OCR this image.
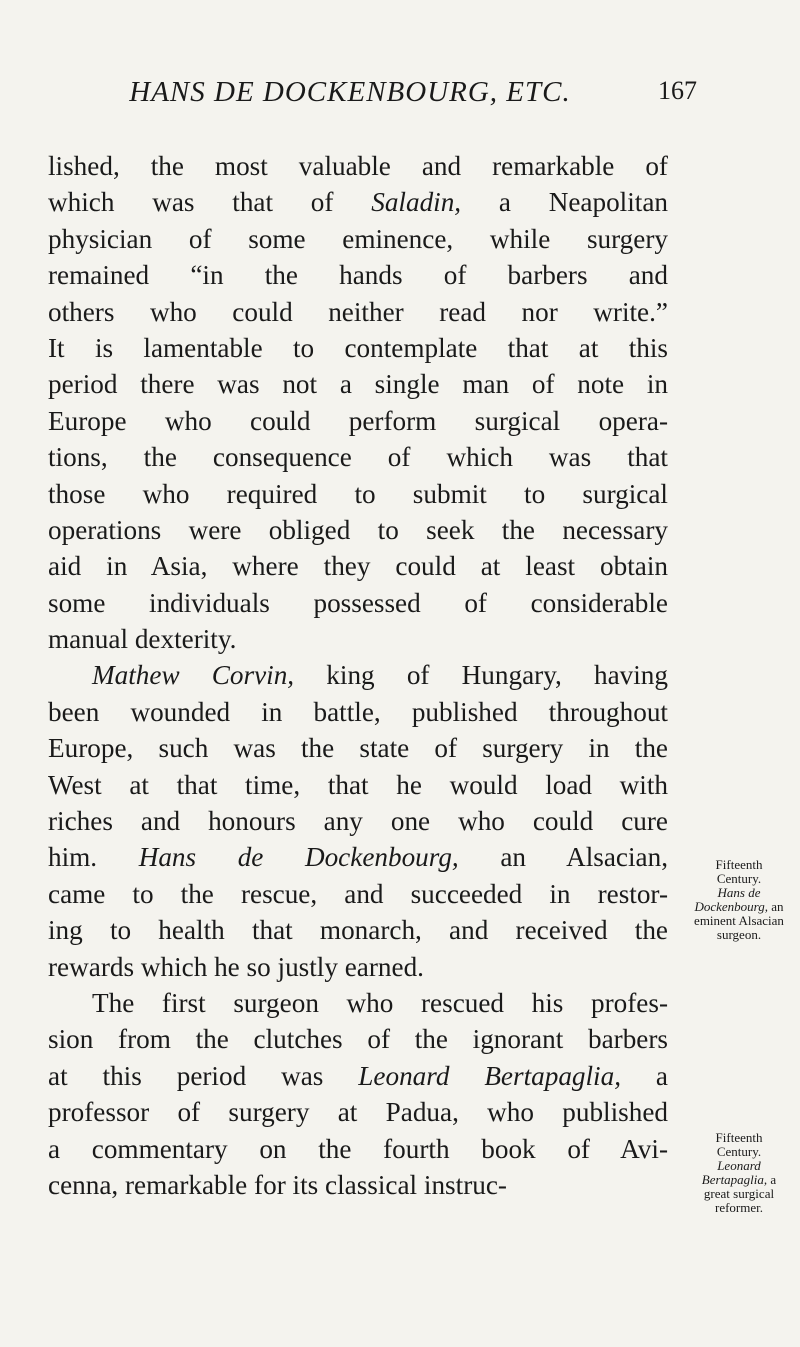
HANS DE DOCKENBOURG, ETC.	167
lished, the most valuable and remarkable of
which was that of Saladin, a Neapolitan
physician of some eminence, while surgery
remained “in the hands of barbers and
others who could neither read nor write.”
It is lamentable to contemplate that at this
period there was not a single man of note in
Europe who could perform surgical opera-
tions, the consequence of which was that
those who required to submit to surgical
operations were obliged to seek the necessary
aid in Asia, where they could at least obtain
some individuals possessed of considerable
manual dexterity.
Mathew Corvin, king of Hungary, having
been wounded in battle, published throughout
Europe, such was the state of surgery in the
West at that time, that he would load with
riches and honours any one who could cure
him. Hans de Dockenbourg, an Alsacian,
came to the rescue, and succeeded in restor-
ing to health that monarch, and received the
rewards which he so justly earned.
The first surgeon who rescued his profes-
sion from the clutches of the ignorant barbers
at this period was Leonard Bertapaglia, a
professor of surgery at Padua, who published
a commentary on the fourth book of Avi-
cenna, remarkable for its classical instruc-
Fifteenth
Century.
Hans de
Dockenbourg, an
eminent Alsacian
surgeon.
Fifteenth
Century.
Leonard
Bertapaglia, a
great surgical
reformer.
